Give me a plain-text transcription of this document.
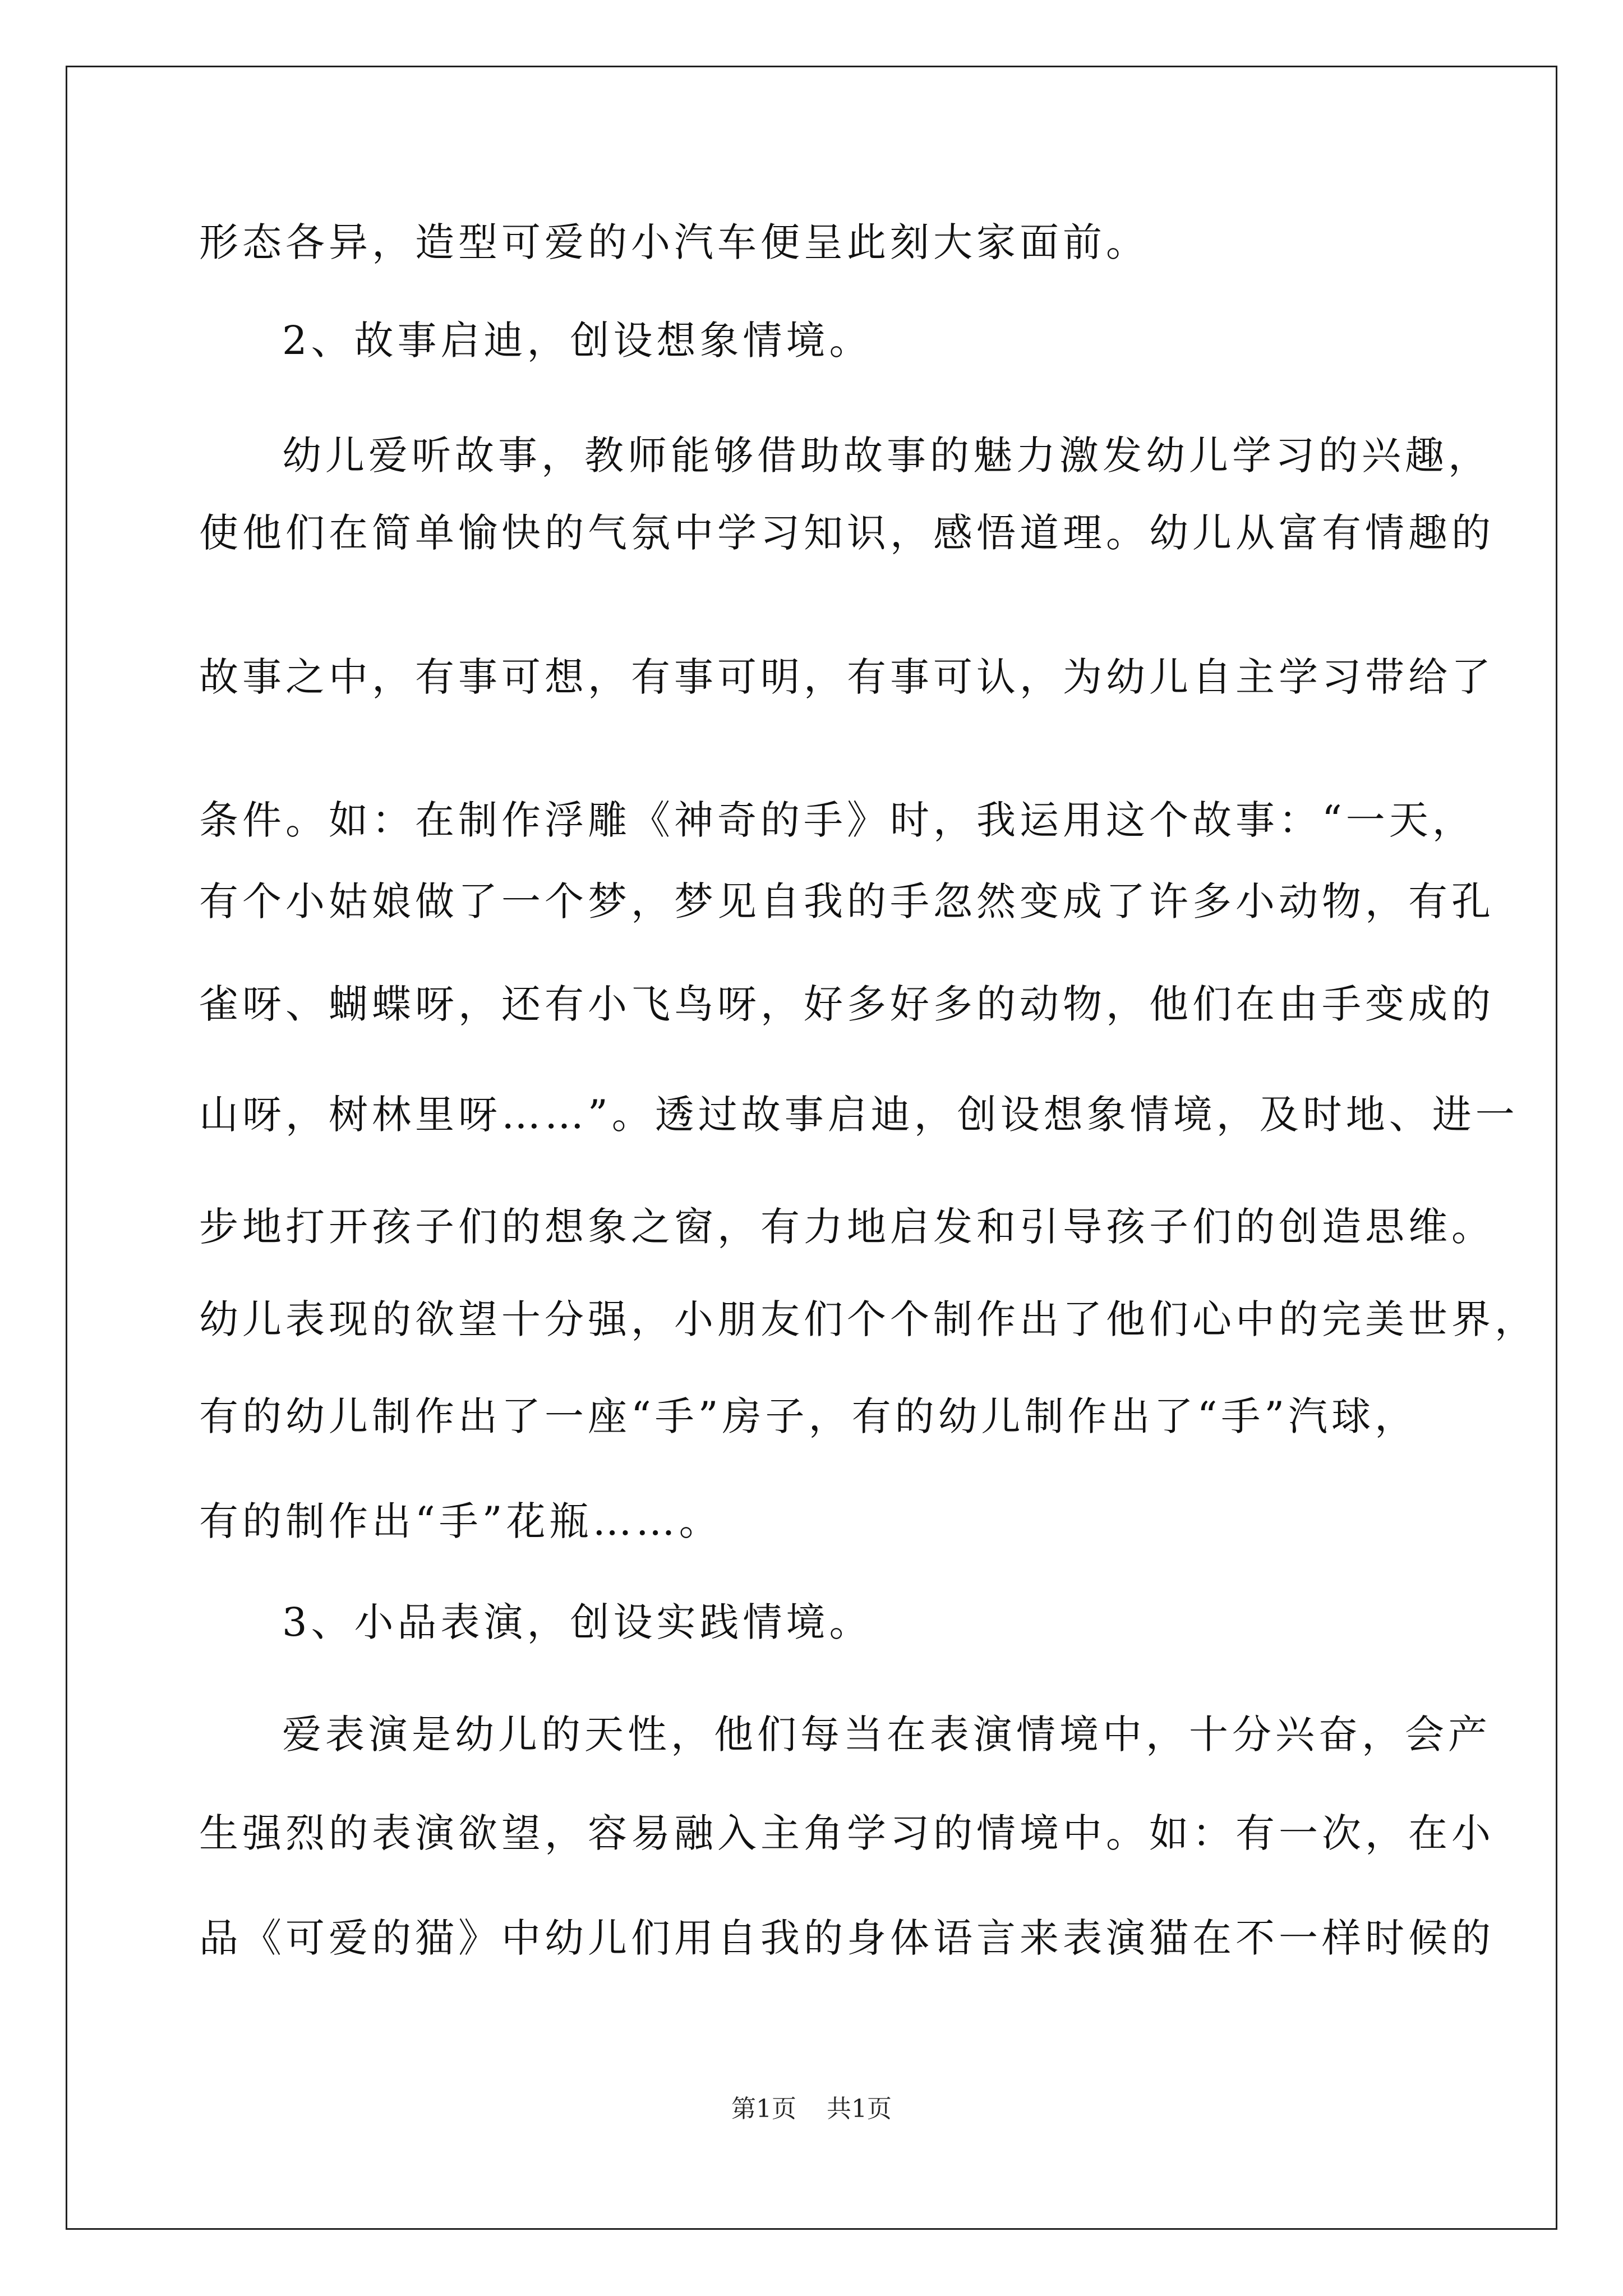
形态各异，造型可爱的小汽车便呈此刻大家面前。
2、故事启迪，创设想象情境。
幼儿爱听故事，教师能够借助故事的魅力激发幼儿学习的兴趣，
使他们在简单愉快的气氛中学习知识，感悟道理。幼儿从富有情趣的
故事之中，有事可想，有事可明，有事可认，为幼儿自主学习带给了
条件。如：在制作浮雕《神奇的手》时，我运用这个故事：“一天，
有个小姑娘做了一个梦，梦见自我的手忽然变成了许多小动物，有孔
雀呀、蝴蝶呀，还有小飞鸟呀，好多好多的动物，他们在由手变成的
山呀，树林里呀……”。透过故事启迪，创设想象情境，及时地、进一
步地打开孩子们的想象之窗，有力地启发和引导孩子们的创造思维。
幼儿表现的欲望十分强，小朋友们个个制作出了他们心中的完美世界，
有的幼儿制作出了一座“手”房子，有的幼儿制作出了“手”汽球，
有的制作出“手”花瓶……。
3、小品表演，创设实践情境。
爱表演是幼儿的天性，他们每当在表演情境中，十分兴奋，会产
生强烈的表演欲望，容易融入主角学习的情境中。如：有一次，在小
品《可爱的猫》中幼儿们用自我的身体语言来表演猫在不一样时候的
第1页 共1页
